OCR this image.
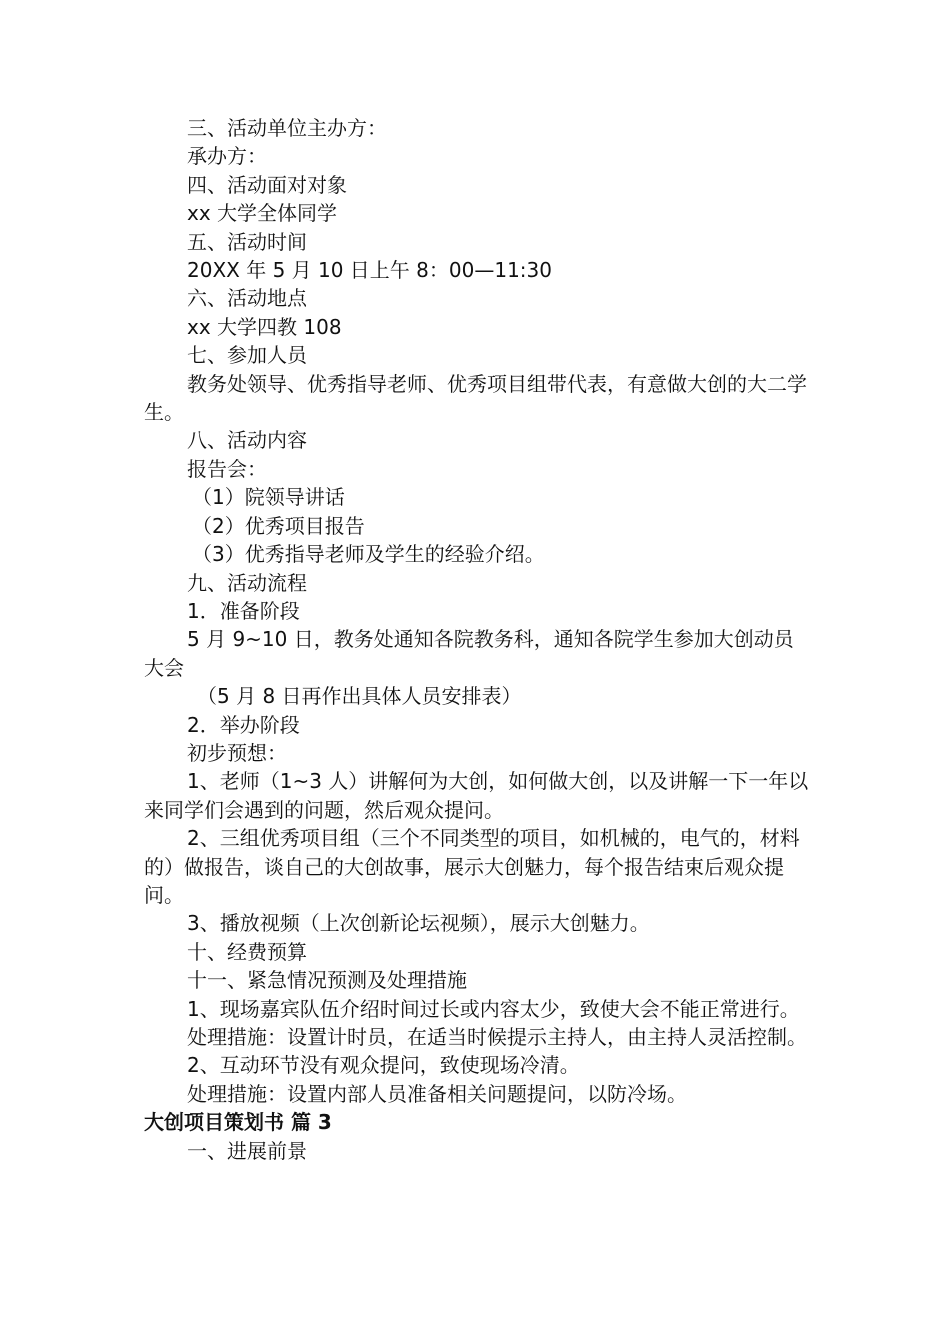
三、活动单位主办方：

承办方：

四、活动面对对象

xx 大学全体同学

五、活动时间

20XX 年 5 月 10 日上午 8：00—11:30

六、活动地点

xx 大学四教 108

七、参加人员

教务处领导、优秀指导老师、优秀项目组带代表，有意做大创的大二学生。

八、活动内容

报告会：

（1）院领导讲话

（2）优秀项目报告

（3）优秀指导老师及学生的经验介绍。

九、活动流程

1．准备阶段

5 月 9~10 日，教务处通知各院教务科，通知各院学生参加大创动员大会

（5 月 8 日再作出具体人员安排表）

2．举办阶段

初步预想：

1、老师（1~3 人）讲解何为大创，如何做大创，以及讲解一下一年以来同学们会遇到的问题，然后观众提问。

2、三组优秀项目组（三个不同类型的项目，如机械的，电气的，材料的）做报告，谈自己的大创故事，展示大创魅力，每个报告结束后观众提问。

3、播放视频（上次创新论坛视频），展示大创魅力。

十、经费预算

十一、紧急情况预测及处理措施

1、现场嘉宾队伍介绍时间过长或内容太少，致使大会不能正常进行。

处理措施：设置计时员，在适当时候提示主持人，由主持人灵活控制。

2、互动环节没有观众提问，致使现场冷清。

处理措施：设置内部人员准备相关问题提问，以防冷场。

大创项目策划书 篇 3

一、进展前景
